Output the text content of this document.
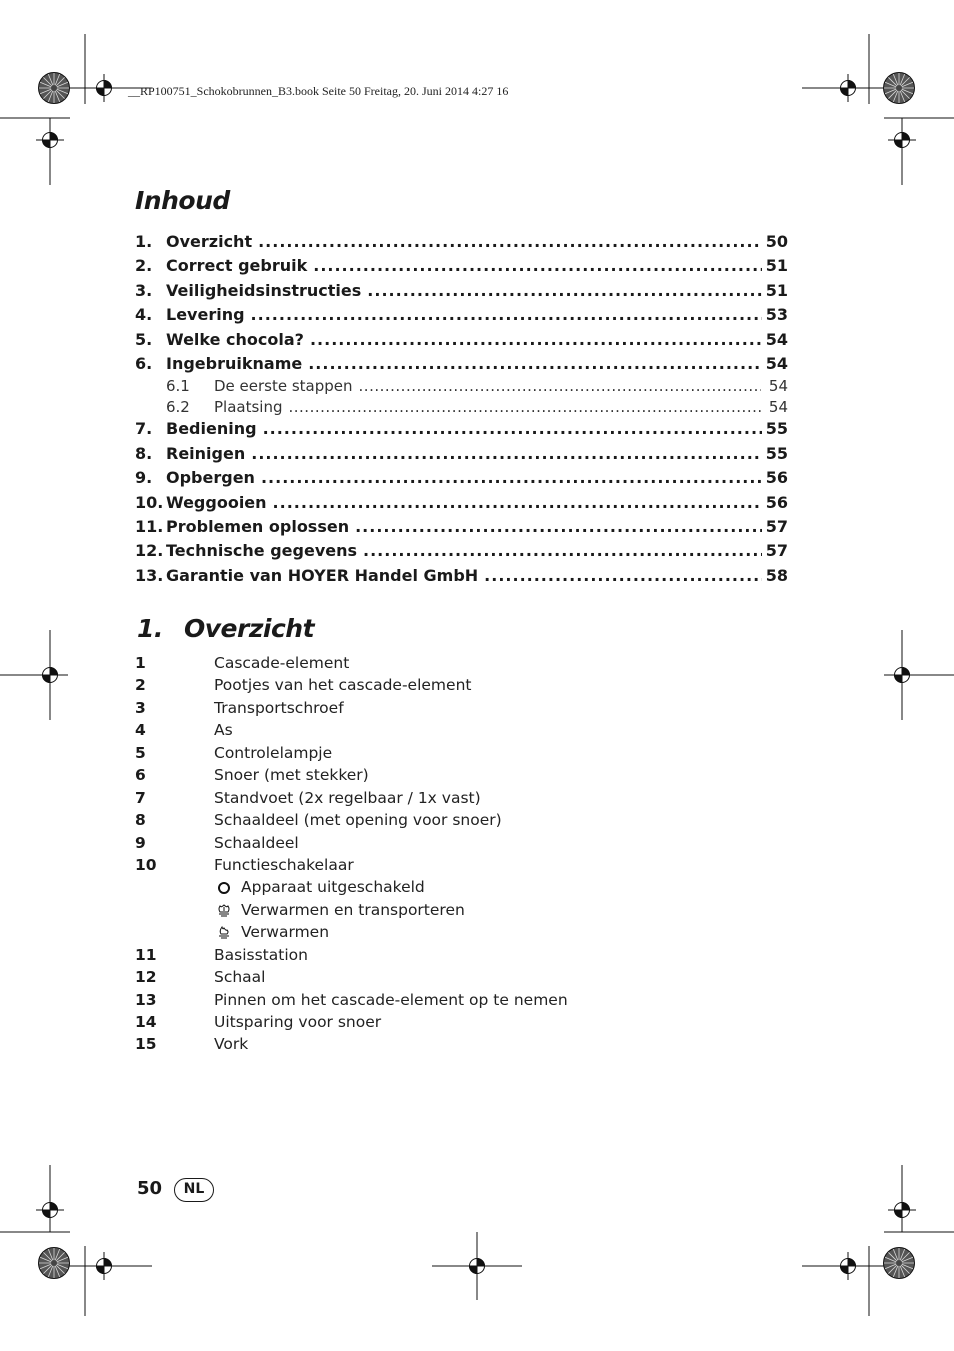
__RP100751_Schokobrunnen_B3.book Seite 50 Freitag, 20. Juni 2014 4:27 16
Inhoud
1. Overzicht .....	50
2. Correct gebruik .....	51
3. Veiligheidsinstructies .....	51
4. Levering .....	53
5. Welke chocola? .....	54
6. Ingebruikname .....	54
6.1	De eerste stappen .....	54
6.2	Plaatsing .....	54
7. Bediening .....	55
8. Reinigen .....	55
9. Opbergen .....	56
10. Weggooien .....	56
11. Problemen oplossen .....	57
12. Technische gegevens .....	57
13. Garantie van HOYER Handel GmbH .....	58
1. Overzicht
1	Cascade-element
2	Pootjes van het cascade-element
3	Transportschroef
4	As
5	Controlelampje
6	Snoer (met stekker)
7	Standvoet (2x regelbaar / 1x vast)
8	Schaaldeel (met opening voor snoer)
9	Schaaldeel
10	Functieschakelaar
Apparaat uitgeschakeld
Verwarmen en transporteren
Verwarmen
11	Basisstation
12	Schaal
13	Pinnen om het cascade-element op te nemen
14	Uitsparing voor snoer
15	Vork
50	NL
